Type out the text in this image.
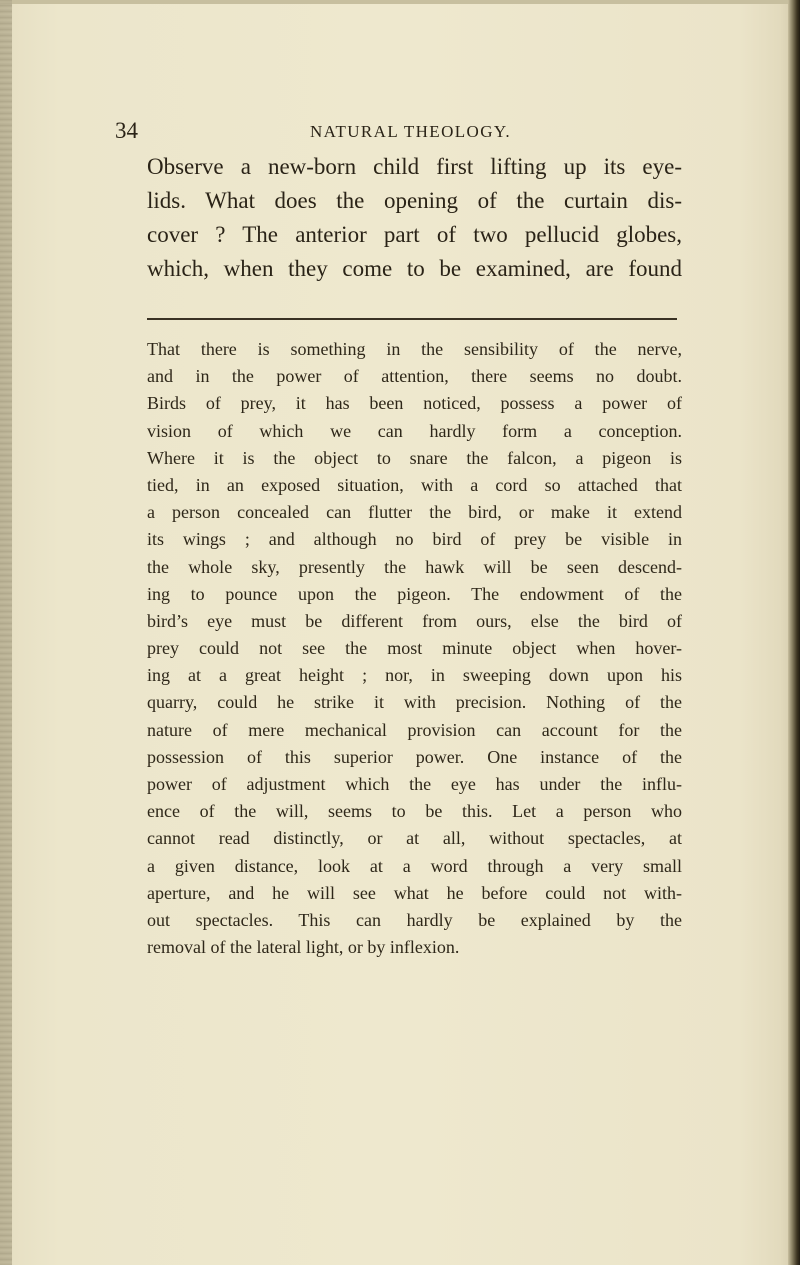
34	NATURAL THEOLOGY.
Observe a new-born child first lifting up its eye-
lids. What does the opening of the curtain dis-
cover ? The anterior part of two pellucid globes,
which, when they come to be examined, are found
That there is something in the sensibility of the nerve,
and in the power of attention, there seems no doubt.
Birds of prey, it has been noticed, possess a power of
vision of which we can hardly form a conception.
Where it is the object to snare the falcon, a pigeon is
tied, in an exposed situation, with a cord so attached that
a person concealed can flutter the bird, or make it extend
its wings ; and although no bird of prey be visible in
the whole sky, presently the hawk will be seen descend-
ing to pounce upon the pigeon. The endowment of the
bird’s eye must be different from ours, else the bird of
prey could not see the most minute object when hover-
ing at a great height ; nor, in sweeping down upon his
quarry, could he strike it with precision. Nothing of the
nature of mere mechanical provision can account for the
possession of this superior power. One instance of the
power of adjustment which the eye has under the influ-
ence of the will, seems to be this. Let a person who
cannot read distinctly, or at all, without spectacles, at
a given distance, look at a word through a very small
aperture, and he will see what he before could not with-
out spectacles. This can hardly be explained by the
removal of the lateral light, or by inflexion.
